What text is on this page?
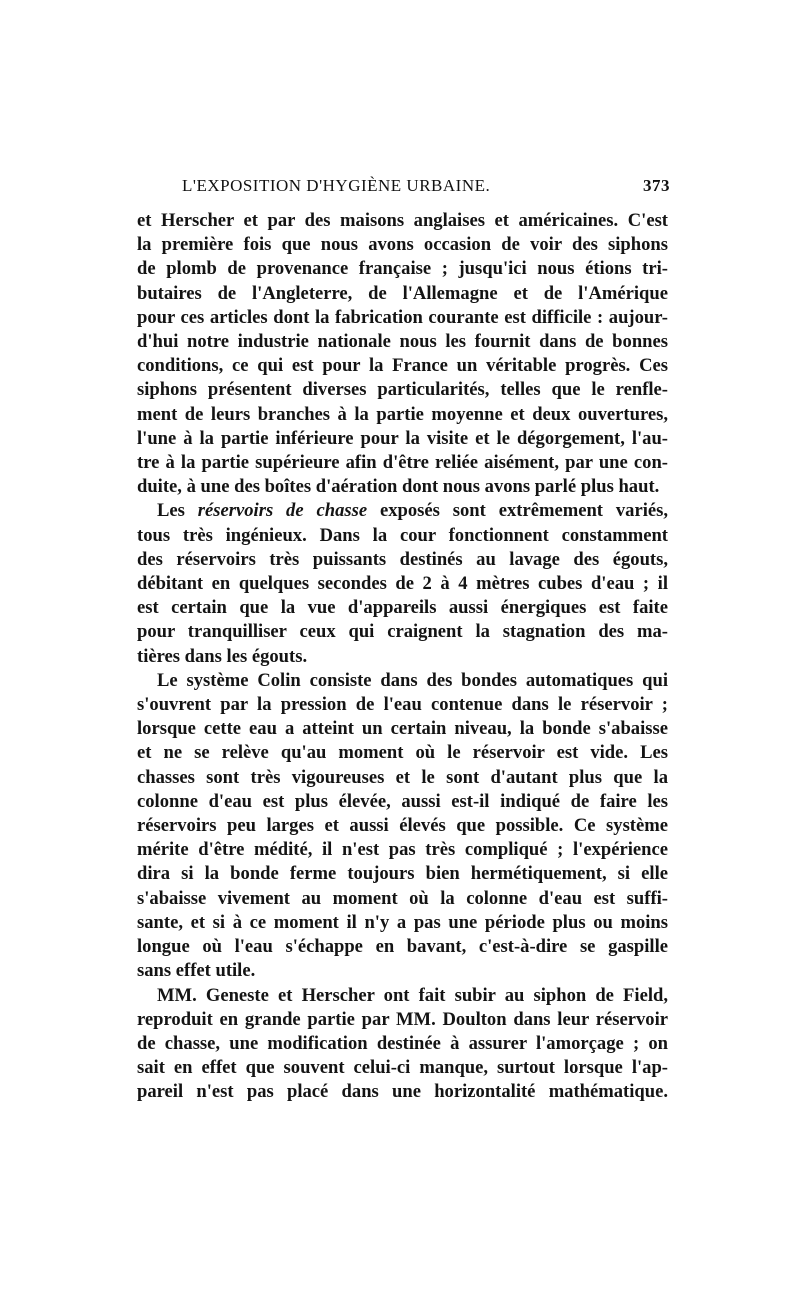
L'EXPOSITION D'HYGIÈNE URBAINE.	373

et Herscher et par des maisons anglaises et américaines. C'est
la première fois que nous avons occasion de voir des siphons
de plomb de provenance française ; jusqu'ici nous étions tri-
butaires de l'Angleterre, de l'Allemagne et de l'Amérique
pour ces articles dont la fabrication courante est difficile : aujour-
d'hui notre industrie nationale nous les fournit dans de bonnes
conditions, ce qui est pour la France un véritable progrès. Ces
siphons présentent diverses particularités, telles que le renfle-
ment de leurs branches à la partie moyenne et deux ouvertures,
l'une à la partie inférieure pour la visite et le dégorgement, l'au-
tre à la partie supérieure afin d'être reliée aisément, par une con-
duite, à une des boîtes d'aération dont nous avons parlé plus haut.

Les réservoirs de chasse exposés sont extrêmement variés,
tous très ingénieux. Dans la cour fonctionnent constamment
des réservoirs très puissants destinés au lavage des égouts,
débitant en quelques secondes de 2 à 4 mètres cubes d'eau ; il
est certain que la vue d'appareils aussi énergiques est faite
pour tranquilliser ceux qui craignent la stagnation des ma-
tières dans les égouts.

Le système Colin consiste dans des bondes automatiques qui
s'ouvrent par la pression de l'eau contenue dans le réservoir ;
lorsque cette eau a atteint un certain niveau, la bonde s'abaisse
et ne se relève qu'au moment où le réservoir est vide. Les
chasses sont très vigoureuses et le sont d'autant plus que la
colonne d'eau est plus élevée, aussi est-il indiqué de faire les
réservoirs peu larges et aussi élevés que possible. Ce système
mérite d'être médité, il n'est pas très compliqué ; l'expérience
dira si la bonde ferme toujours bien hermétiquement, si elle
s'abaisse vivement au moment où la colonne d'eau est suffi-
sante, et si à ce moment il n'y a pas une période plus ou moins
longue où l'eau s'échappe en bavant, c'est-à-dire se gaspille
sans effet utile.

MM. Geneste et Herscher ont fait subir au siphon de Field,
reproduit en grande partie par MM. Doulton dans leur réservoir
de chasse, une modification destinée à assurer l'amorçage ; on
sait en effet que souvent celui-ci manque, surtout lorsque l'ap-
pareil n'est pas placé dans une horizontalité mathématique.
